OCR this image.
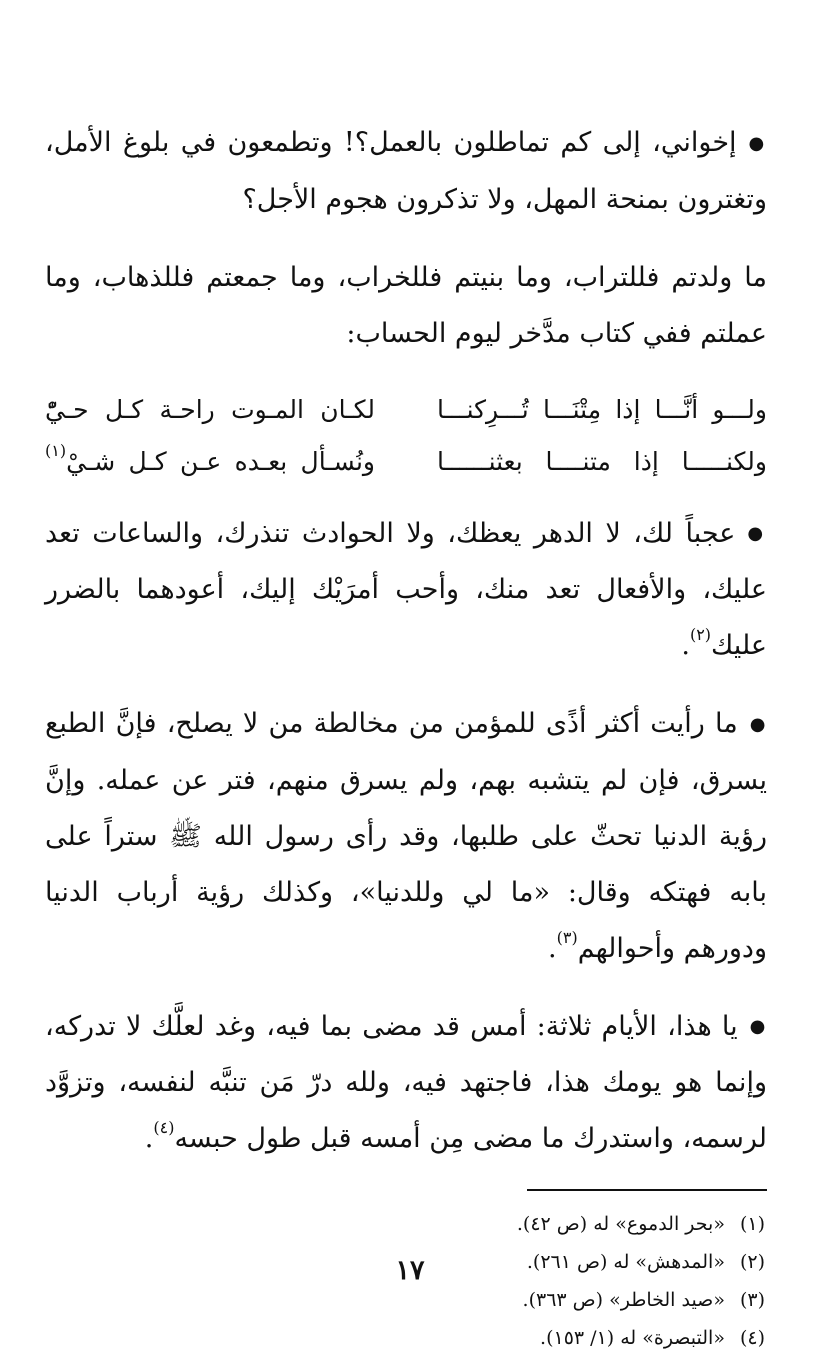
●إخواني، إلى كم تماطلون بالعمل؟! وتطمعون في بلوغ الأمل، وتغترون بمنحة المهل، ولا تذكرون هجوم الأجل؟

ما ولدتم فللتراب، وما بنيتم فللخراب، وما جمعتم فللذهاب، وما عملتم ففي كتاب مدَّخر ليوم الحساب:

ولـــو أنَّـــا إذا مِتْنَـــا تُـــرِكنـــا
لكـان المـوت راحـة كـل حـيّْ
ولكنـــــا إذا متنــــا بعثنــــــا
ونُسـأل بعـده عـن كـل شـيْ$^{(١)}$

●عجباً لك، لا الدهر يعظك، ولا الحوادث تنذرك، والساعات تعد عليك، والأفعال تعد منك، وأحب أمرَيْك إليك، أعودهما بالضرر عليك$^{(٢)}$.

●ما رأيت أكثر أذًى للمؤمن من مخالطة من لا يصلح، فإنَّ الطبع يسرق، فإن لم يتشبه بهم، ولم يسرق منهم، فتر عن عمله. وإنَّ رؤية الدنيا تحثّ على طلبها، وقد رأى رسول الله ﷺ ستراً على بابه فهتكه وقال: «ما لي وللدنيا»، وكذلك رؤية أرباب الدنيا ودورهم وأحوالهم$^{(٣)}$.

●يا هذا، الأيام ثلاثة: أمس قد مضى بما فيه، وغد لعلَّك لا تدركه، وإنما هو يومك هذا، فاجتهد فيه، ولله درّ مَن تنبَّه لنفسه، وتزوَّد لرسمه، واستدرك ما مضى مِن أمسه قبل طول حبسه$^{(٤)}$.

(١) «بحر الدموع» له (ص ٤٢).
(٢) «المدهش» له (ص ٢٦١).
(٣) «صيد الخاطر» (ص ٣٦٣).
(٤) «التبصرة» له (١/ ١٥٣).
١٧
